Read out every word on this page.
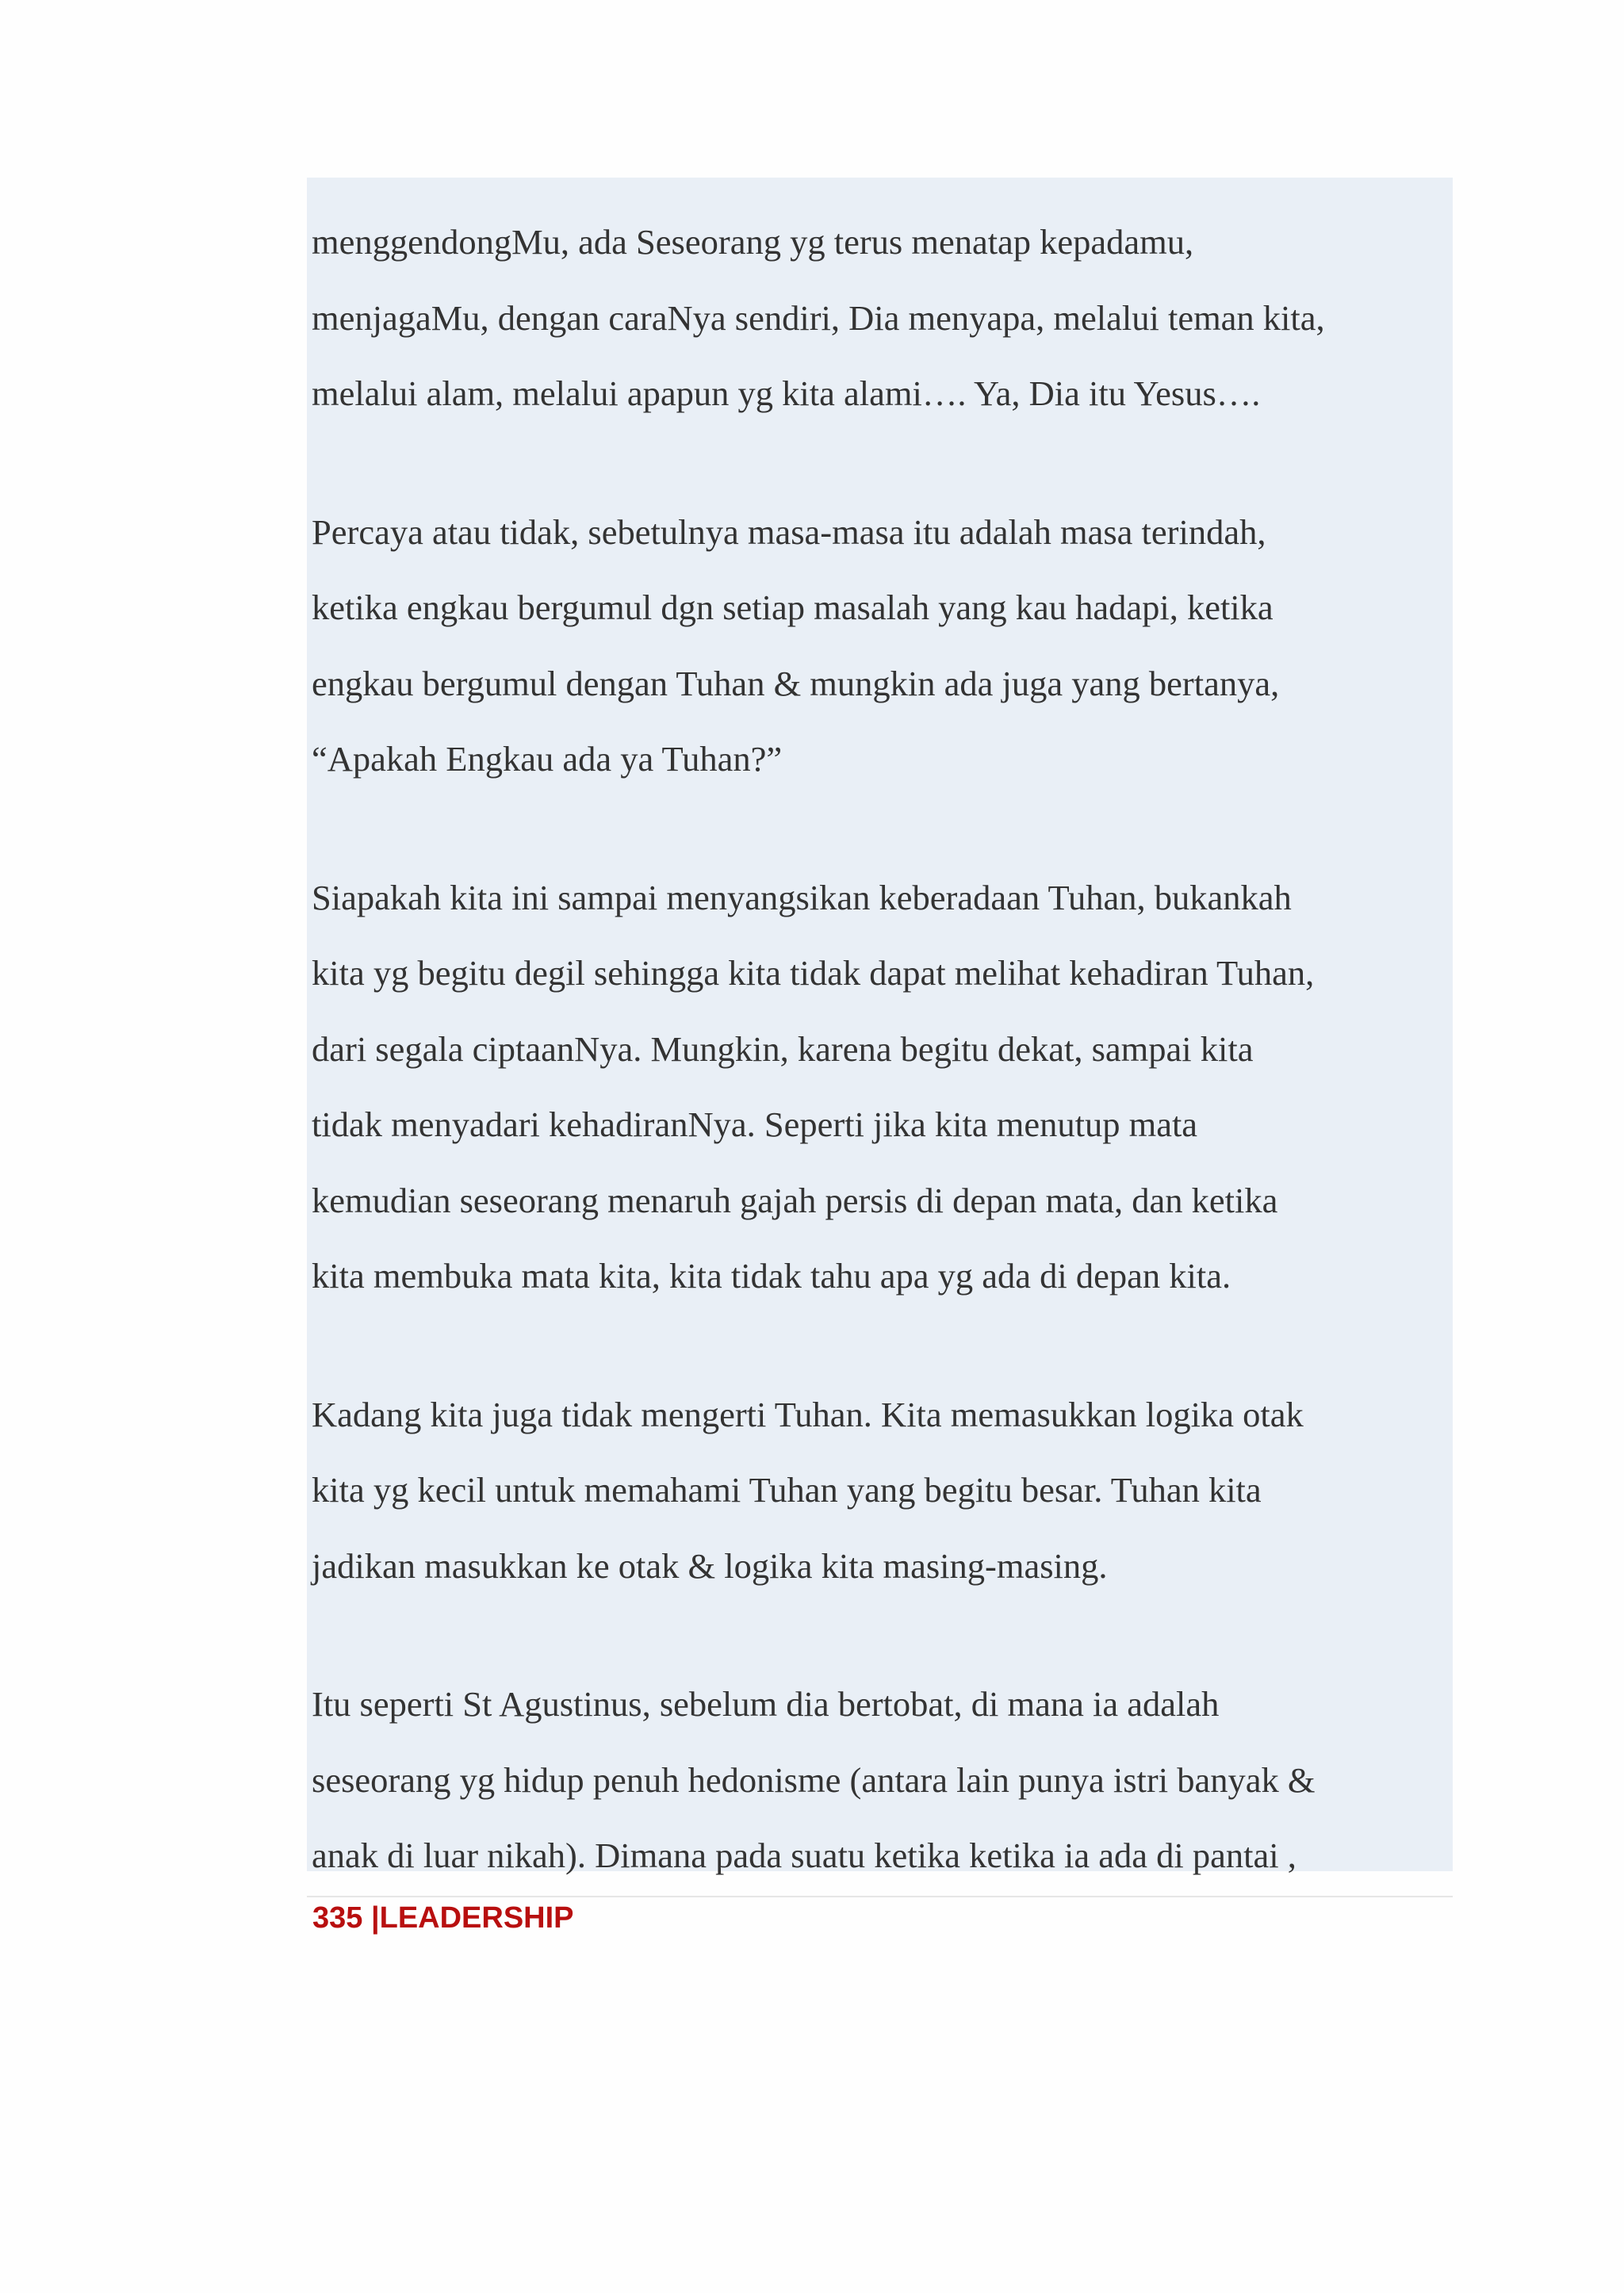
menggendongMu, ada Seseorang yg terus menatap kepadamu,
menjagaMu, dengan caraNya sendiri, Dia menyapa, melalui teman kita,
melalui alam, melalui apapun yg kita alami…. Ya, Dia itu Yesus….
Percaya atau tidak, sebetulnya masa-masa itu adalah masa terindah,
ketika engkau bergumul dgn setiap masalah yang kau hadapi, ketika
engkau bergumul dengan Tuhan & mungkin ada juga yang bertanya,
“Apakah Engkau ada ya Tuhan?”
Siapakah kita ini sampai menyangsikan keberadaan Tuhan, bukankah
kita yg begitu degil sehingga kita tidak dapat melihat kehadiran Tuhan,
dari segala ciptaanNya. Mungkin, karena begitu dekat, sampai kita
tidak menyadari kehadiranNya. Seperti jika kita menutup mata
kemudian seseorang menaruh gajah persis di depan mata, dan ketika
kita membuka mata kita, kita tidak tahu apa yg ada di depan kita.
Kadang kita juga tidak mengerti Tuhan. Kita memasukkan logika otak
kita yg kecil untuk memahami Tuhan yang begitu besar. Tuhan kita
jadikan masukkan ke otak & logika kita masing-masing.
Itu seperti St Agustinus, sebelum dia bertobat, di mana ia adalah
seseorang yg hidup penuh hedonisme (antara lain punya istri banyak &
anak di luar nikah). Dimana pada suatu ketika ketika ia ada di pantai ,
335 |LEADERSHIP
